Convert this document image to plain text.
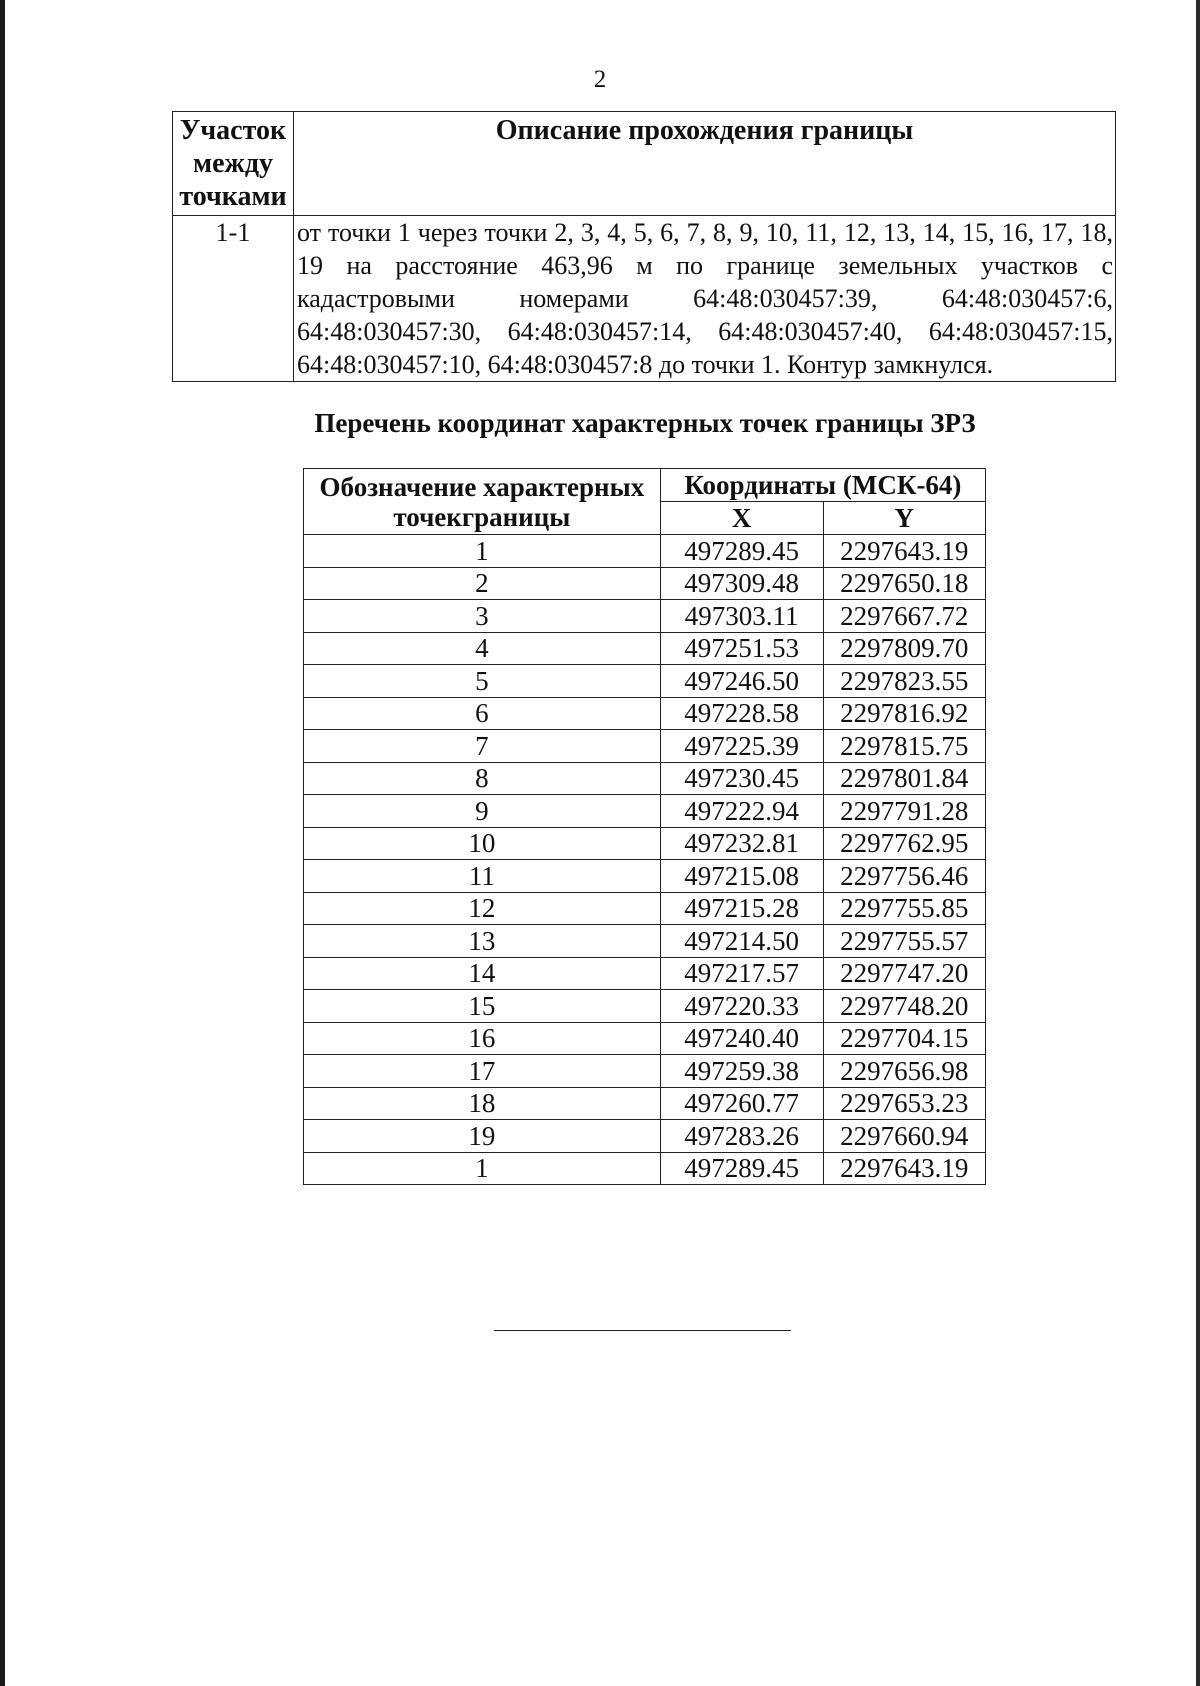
2
Участок между точками	Описание прохождения границы
1-1	от точки 1 через точки 2, 3, 4, 5, 6, 7, 8, 9, 10, 11, 12, 13, 14, 15, 16, 17, 18, 19 на расстояние 463,96 м по границе земельных участков с кадастровыми номерами 64:48:030457:39, 64:48:030457:6, 64:48:030457:30, 64:48:030457:14, 64:48:030457:40, 64:48:030457:15, 64:48:030457:10, 64:48:030457:8 до точки 1. Контур замкнулся.
Перечень координат характерных точек границы ЗРЗ
Обозначение характерных точекграницы	Координаты (МСК-64)	
	X	Y
1	497289.45	2297643.19
2	497309.48	2297650.18
3	497303.11	2297667.72
4	497251.53	2297809.70
5	497246.50	2297823.55
6	497228.58	2297816.92
7	497225.39	2297815.75
8	497230.45	2297801.84
9	497222.94	2297791.28
10	497232.81	2297762.95
11	497215.08	2297756.46
12	497215.28	2297755.85
13	497214.50	2297755.57
14	497217.57	2297747.20
15	497220.33	2297748.20
16	497240.40	2297704.15
17	497259.38	2297656.98
18	497260.77	2297653.23
19	497283.26	2297660.94
1	497289.45	2297643.19
